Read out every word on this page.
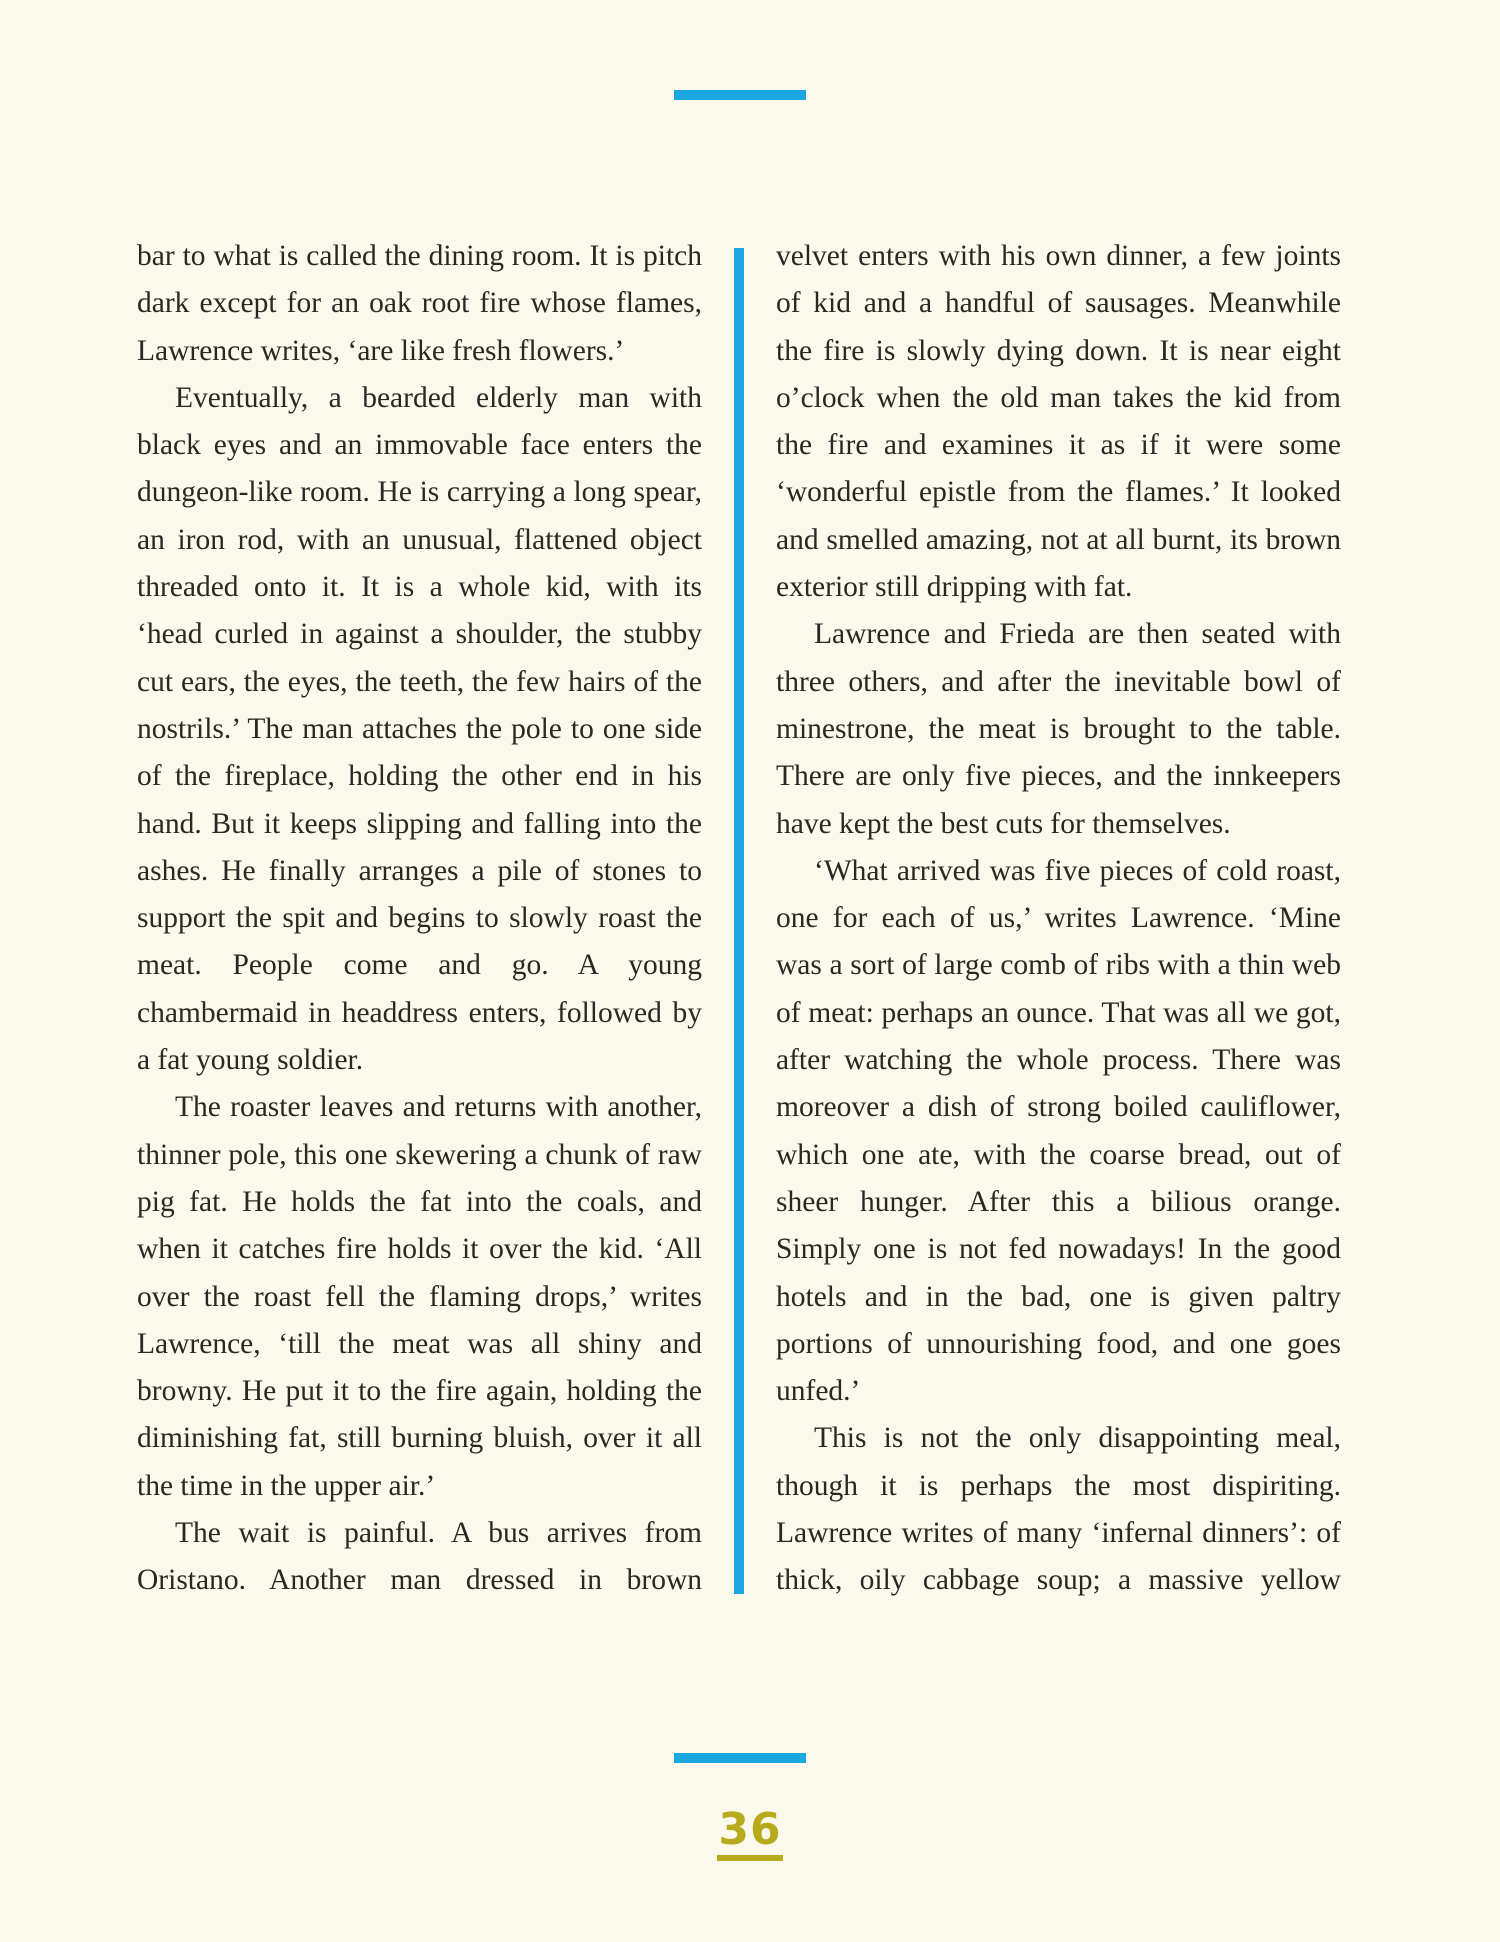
bar to what is called the dining room. It is pitch dark except for an oak root fire whose flames, Lawrence writes, ‘are like fresh flowers.’

Eventually, a bearded elderly man with black eyes and an immovable face enters the dungeon-like room. He is carrying a long spear, an iron rod, with an unusual, flattened object threaded onto it. It is a whole kid, with its ‘head curled in against a shoulder, the stubby cut ears, the eyes, the teeth, the few hairs of the nostrils.’ The man attaches the pole to one side of the fireplace, holding the other end in his hand. But it keeps slipping and falling into the ashes. He finally arranges a pile of stones to support the spit and begins to slowly roast the meat. People come and go. A young chambermaid in headdress enters, followed by a fat young soldier.

The roaster leaves and returns with another, thinner pole, this one skewering a chunk of raw pig fat. He holds the fat into the coals, and when it catches fire holds it over the kid. ‘All over the roast fell the flaming drops,’ writes Lawrence, ‘till the meat was all shiny and browny. He put it to the fire again, holding the diminishing fat, still burning bluish, over it all the time in the upper air.’

The wait is painful. A bus arrives from Oristano. Another man dressed in brown

velvet enters with his own dinner, a few joints of kid and a handful of sausages. Meanwhile the fire is slowly dying down. It is near eight o’clock when the old man takes the kid from the fire and examines it as if it were some ‘wonderful epistle from the flames.’ It looked and smelled amazing, not at all burnt, its brown exterior still dripping with fat.

Lawrence and Frieda are then seated with three others, and after the inevitable bowl of minestrone, the meat is brought to the table. There are only five pieces, and the innkeepers have kept the best cuts for themselves.

‘What arrived was five pieces of cold roast, one for each of us,’ writes Lawrence. ‘Mine was a sort of large comb of ribs with a thin web of meat: perhaps an ounce. That was all we got, after watching the whole process. There was moreover a dish of strong boiled cauliflower, which one ate, with the coarse bread, out of sheer hunger. After this a bilious orange. Simply one is not fed nowadays! In the good hotels and in the bad, one is given paltry portions of unnourishing food, and one goes unfed.’

This is not the only disappointing meal, though it is perhaps the most dispiriting. Lawrence writes of many ‘infernal dinners’: of thick, oily cabbage soup; a massive yellow

36
